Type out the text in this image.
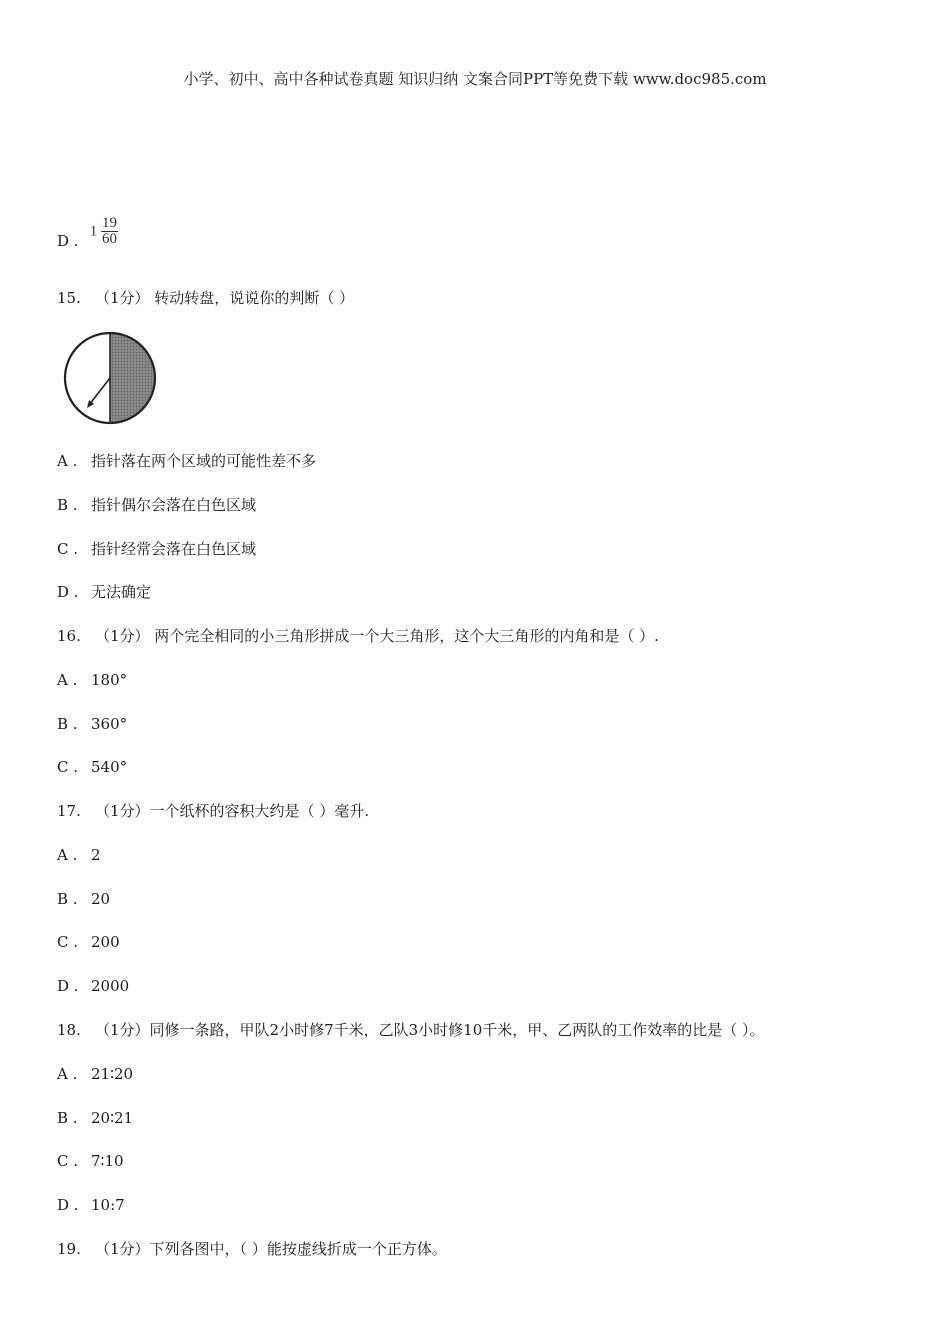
小学、初中、高中各种试卷真题 知识归纳 文案合同PPT等免费下载 www.doc985.com
D . $1 \frac{19}{60}$
15. （1分） 转动转盘，说说你的判断（ ）
A . 指针落在两个区域的可能性差不多
B . 指针偶尔会落在白色区域
C . 指针经常会落在白色区域
D . 无法确定
16. （1分） 两个完全相同的小三角形拼成一个大三角形，这个大三角形的内角和是（ ）.
A . 180°
B . 360°
C . 540°
17. （1分）一个纸杯的容积大约是（ ）毫升.
A . 2
B . 20
C . 200
D . 2000
18. （1分）同修一条路，甲队2小时修7千米，乙队3小时修10千米，甲、乙两队的工作效率的比是（ ）。
A . 21∶20
B . 20∶21
C . 7∶10
D . 10:7
19. （1分）下列各图中，（ ）能按虚线折成一个正方体。
